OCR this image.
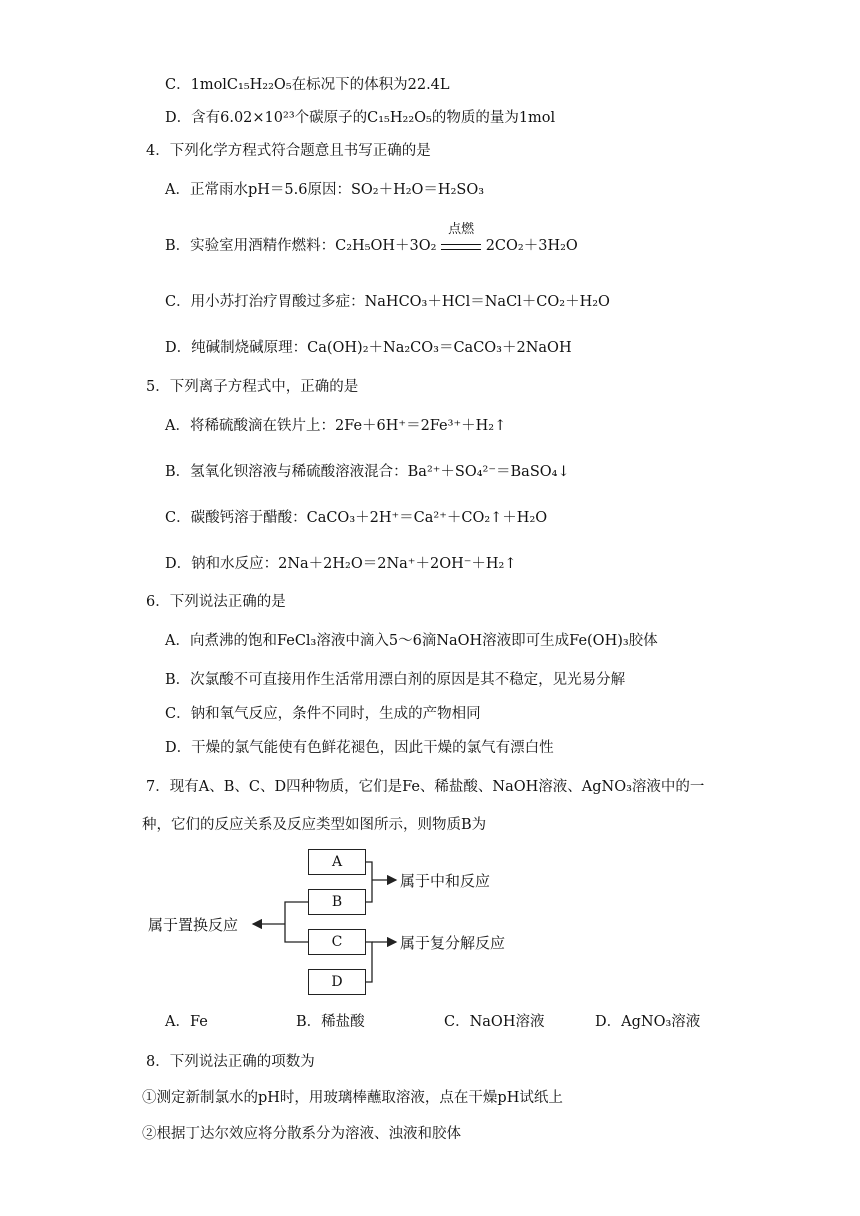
C．1molC₁₅H₂₂O₅在标况下的体积为22.4L
D．含有6.02×10²³个碳原子的C₁₅H₂₂O₅的物质的量为1mol
4．下列化学方程式符合题意且书写正确的是
A．正常雨水pH＝5.6原因：SO₂＋H₂O＝H₂SO₃
B．实验室用酒精作燃料：C₂H₅OH＋3O₂
点燃
2CO₂＋3H₂O
C．用小苏打治疗胃酸过多症：NaHCO₃＋HCl＝NaCl＋CO₂＋H₂O
D．纯碱制烧碱原理：Ca(OH)₂＋Na₂CO₃＝CaCO₃＋2NaOH
5．下列离子方程式中，正确的是
A．将稀硫酸滴在铁片上：2Fe＋6H⁺＝2Fe³⁺＋H₂↑
B．氢氧化钡溶液与稀硫酸溶液混合：Ba²⁺＋SO₄²⁻＝BaSO₄↓
C．碳酸钙溶于醋酸：CaCO₃＋2H⁺＝Ca²⁺＋CO₂↑＋H₂O
D．钠和水反应：2Na＋2H₂O＝2Na⁺＋2OH⁻＋H₂↑
6．下列说法正确的是
A．向煮沸的饱和FeCl₃溶液中滴入5～6滴NaOH溶液即可生成Fe(OH)₃胶体
B．次氯酸不可直接用作生活常用漂白剂的原因是其不稳定，见光易分解
C．钠和氧气反应，条件不同时，生成的产物相同
D．干燥的氯气能使有色鲜花褪色，因此干燥的氯气有漂白性
7．现有A、B、C、D四种物质，它们是Fe、稀盐酸、NaOH溶液、AgNO₃溶液中的一
种，它们的反应关系及反应类型如图所示，则物质B为
A
B
C
D
属于中和反应
属于置换反应
属于复分解反应
A．Fe	B．稀盐酸	C．NaOH溶液	D．AgNO₃溶液
8．下列说法正确的项数为
①测定新制氯水的pH时，用玻璃棒蘸取溶液，点在干燥pH试纸上
②根据丁达尔效应将分散系分为溶液、浊液和胶体
